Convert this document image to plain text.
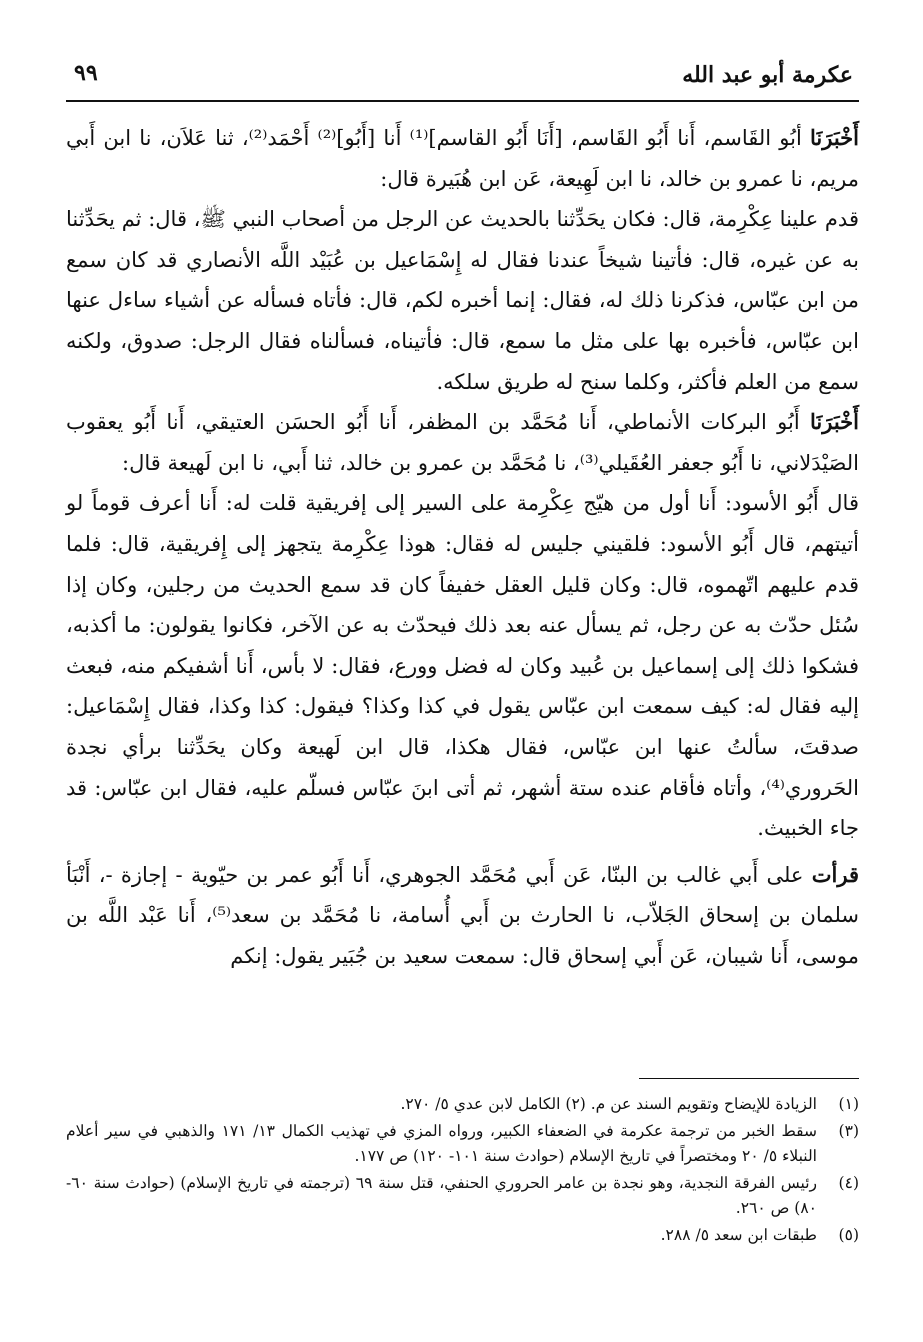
عكرمة أبو عبد الله
٩٩

أَخْبَرَنَا أبُو القَاسم، أَنا أَبُو القَاسم، [أَنَا أَبُو القاسم]⁽¹⁾ أَنا [أَبُو]⁽²⁾ أَحْمَد⁽²⁾، ثنا عَلاَن، نا ابن أَبي مريم، نا عمرو بن خالد، نا ابن لَهِيعة، عَن ابن هُبَيرة قال:

قدم علينا عِكْرِمة، قال: فكان يحَدِّثنا بالحديث عن الرجل من أصحاب النبي ﷺ، قال: ثم يحَدِّثنا به عن غيره، قال: فأتينا شيخاً عندنا فقال له إِسْمَاعيل بن عُبَيْد اللَّه الأنصاري قد كان سمع من ابن عبّاس، فذكرنا ذلك له، فقال: إنما أخبره لكم، قال: فأتاه فسأله عن أشياء ساءل عنها ابن عبّاس، فأخبره بها على مثل ما سمع، قال: فأتيناه، فسألناه فقال الرجل: صدوق، ولكنه سمع من العلم فأكثر، وكلما سنح له طريق سلكه.

أَخْبَرَنَا أَبُو البركات الأنماطي، أَنا مُحَمَّد بن المظفر، أَنا أَبُو الحسَن العتيقي، أَنا أَبُو يعقوب الصَيْدَلاني، نا أَبُو جعفر العُقَيلي⁽³⁾، نا مُحَمَّد بن عمرو بن خالد، ثنا أَبي، نا ابن لَهيعة قال:

قال أَبُو الأسود: أَنا أول من هيّج عِكْرِمة على السير إلى إفريقية قلت له: أَنا أعرف قوماً لو أتيتهم، قال أَبُو الأسود: فلقيني جليس له فقال: هوذا عِكْرِمة يتجهز إلى إِفريقية، قال: فلما قدم عليهم اتّهموه، قال: وكان قليل العقل خفيفاً كان قد سمع الحديث من رجلين، وكان إذا سُئل حدّث به عن رجل، ثم يسأل عنه بعد ذلك فيحدّث به عن الآخر، فكانوا يقولون: ما أكذبه، فشكوا ذلك إلى إسماعيل بن عُبيد وكان له فضل وورع، فقال: لا بأس، أَنا أشفيكم منه، فبعث إليه فقال له: كيف سمعت ابن عبّاس يقول في كذا وكذا؟ فيقول: كذا وكذا، فقال إِسْمَاعيل: صدقتَ، سألتُ عنها ابن عبّاس، فقال هكذا، قال ابن لَهيعة وكان يحَدِّثنا برأي نجدة الحَروري⁽⁴⁾، وأتاه فأقام عنده ستة أشهر، ثم أتى ابنَ عبّاس فسلّم عليه، فقال ابن عبّاس: قد جاء الخبيث.

قرأت على أَبي غالب بن البنّا، عَن أَبي مُحَمَّد الجوهري، أَنا أَبُو عمر بن حيّوية - إجازة -، أَنْبَأ سلمان بن إسحاق الجَلاّب، نا الحارث بن أَبي أُسامة، نا مُحَمَّد بن سعد⁽⁵⁾، أَنا عَبْد اللَّه بن موسى، أَنا شيبان، عَن أَبي إسحاق قال: سمعت سعيد بن جُبَير يقول: إنكم

(١)
الزيادة للإيضاح وتقويم السند عن م. (٢) الكامل لابن عدي ٥/ ٢٧٠.

(٣)
سقط الخبر من ترجمة عكرمة في الضعفاء الكبير، ورواه المزي في تهذيب الكمال ١٣/ ١٧١ والذهبي في سير أعلام النبلاء ٥/ ٢٠ ومختصراً في تاريخ الإسلام (حوادث سنة ١٠١- ١٢٠) ص ١٧٧.

(٤)
رئيس الفرقة النجدية، وهو نجدة بن عامر الحروري الحنفي، قتل سنة ٦٩ (ترجمته في تاريخ الإسلام) (حوادث سنة ٦٠- ٨٠) ص ٢٦٠.

(٥)
طبقات ابن سعد ٥/ ٢٨٨.
